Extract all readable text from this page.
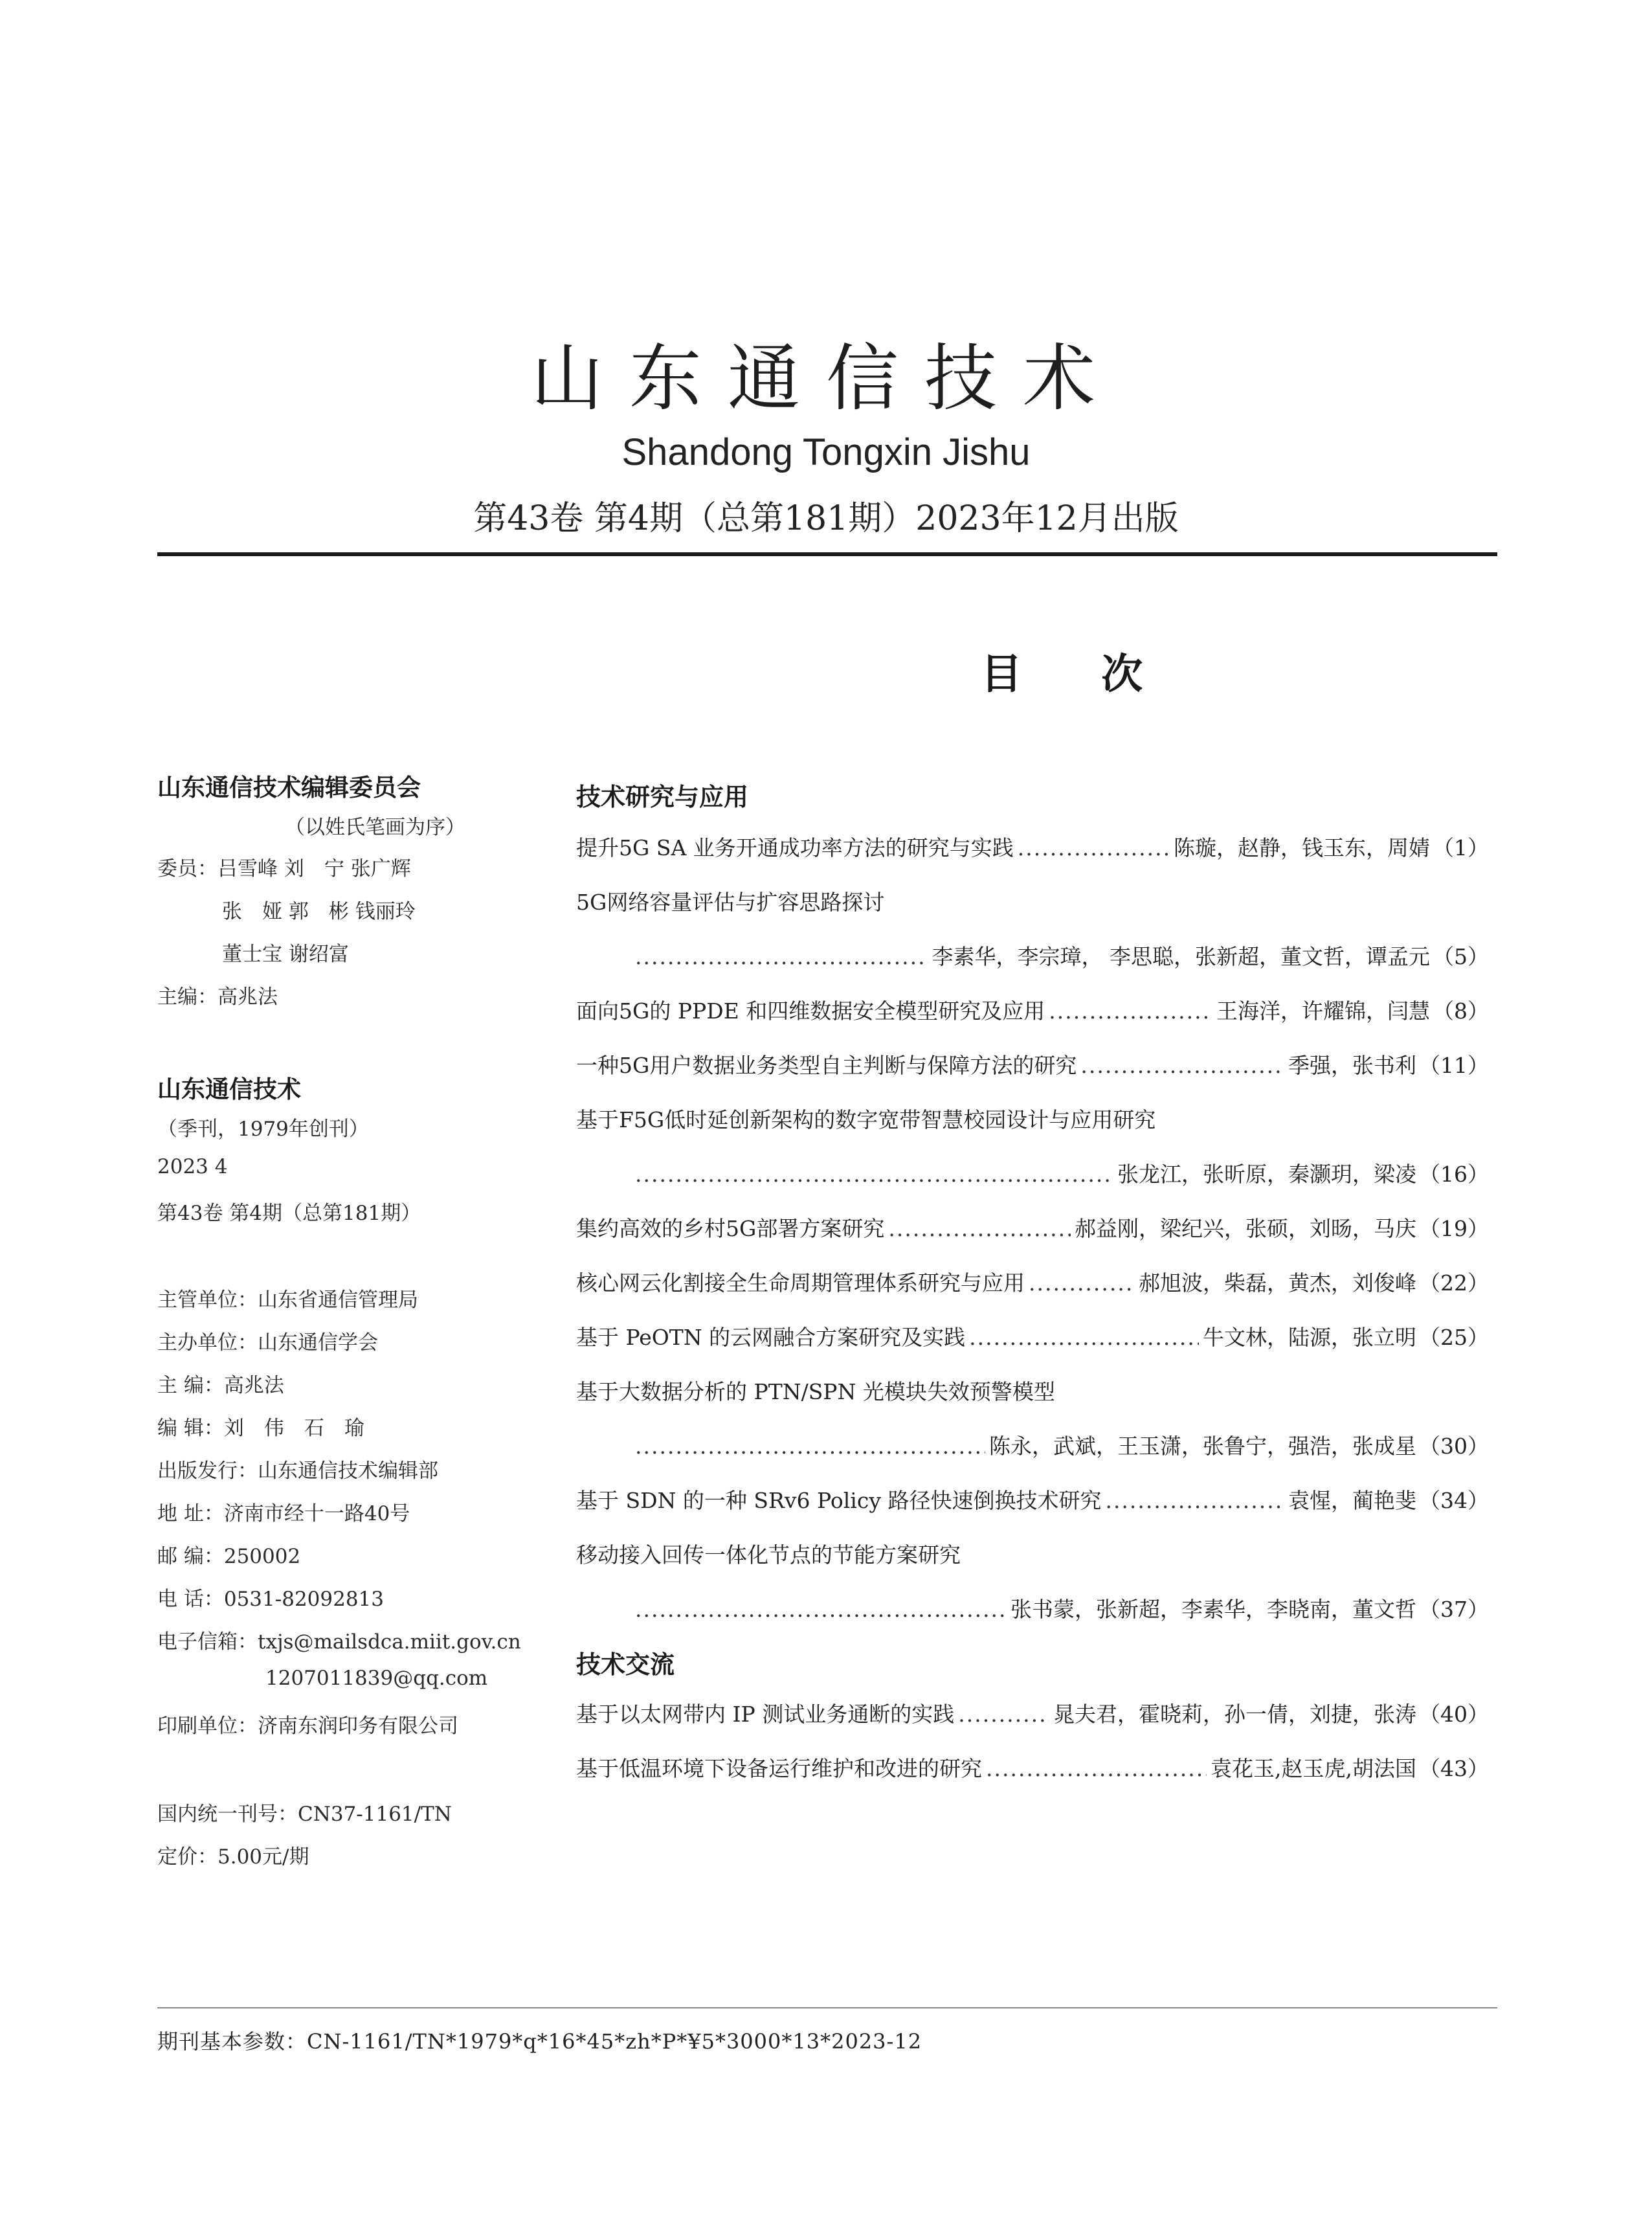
山东通信技术
Shandong Tongxin Jishu
第43卷 第4期（总第181期）2023年12月出版
目 次
山东通信技术编辑委员会
（以姓氏笔画为序）
委员：吕雪峰 刘　宁 张广辉
张　娅 郭　彬 钱丽玲
董士宝 谢绍富
主编：高兆法
山东通信技术
（季刊，1979年创刊）
2023 4
第43卷 第4期（总第181期）
主管单位：山东省通信管理局
主办单位：山东通信学会
主 编：高兆法
编 辑：刘　伟　石　瑜
出版发行：山东通信技术编辑部
地 址：济南市经十一路40号
邮 编：250002
电 话：0531-82092813
电子信箱：txjs@mailsdca.miit.gov.cn
1207011839@qq.com
印刷单位：济南东润印务有限公司
国内统一刊号：CN37-1161/TN
定价：5.00元/期
技术研究与应用
提升5G SA 业务开通成功率方法的研究与实践 .....	陈璇，赵静，钱玉东，周婧 （1）
5G网络容量评估与扩容思路探讨
.....
李素华，李宗璋， 李思聪，张新超，董文哲，谭孟元 （5）
面向5G的 PPDE 和四维数据安全模型研究及应用 .....	王海洋，许耀锦，闫慧 （8）
一种5G用户数据业务类型自主判断与保障方法的研究 .....	季强，张书利 （11）
基于F5G低时延创新架构的数字宽带智慧校园设计与应用研究
.....
张龙江，张昕原，秦灏玥，梁凌 （16）
集约高效的乡村5G部署方案研究 .....	郝益刚，梁纪兴，张硕，刘旸，马庆 （19）
核心网云化割接全生命周期管理体系研究与应用 .....	郝旭波，柴磊，黄杰，刘俊峰 （22）
基于 PeOTN 的云网融合方案研究及实践 .....	牛文林，陆源，张立明 （25）
基于大数据分析的 PTN/SPN 光模块失效预警模型
.....
陈永，武斌，王玉潇，张鲁宁，强浩，张成星 （30）
基于 SDN 的一种 SRv6 Policy 路径快速倒换技术研究 .....	袁惺，蔺艳斐 （34）
移动接入回传一体化节点的节能方案研究
.....
张书蒙，张新超，李素华，李晓南，董文哲 （37）
技术交流
基于以太网带内 IP 测试业务通断的实践 .....	晁夫君，霍晓莉，孙一倩，刘捷，张涛 （40）
基于低温环境下设备运行维护和改进的研究 .....	袁花玉,赵玉虎,胡法国 （43）
期刊基本参数：CN-1161/TN*1979*q*16*45*zh*P*¥5*3000*13*2023-12
